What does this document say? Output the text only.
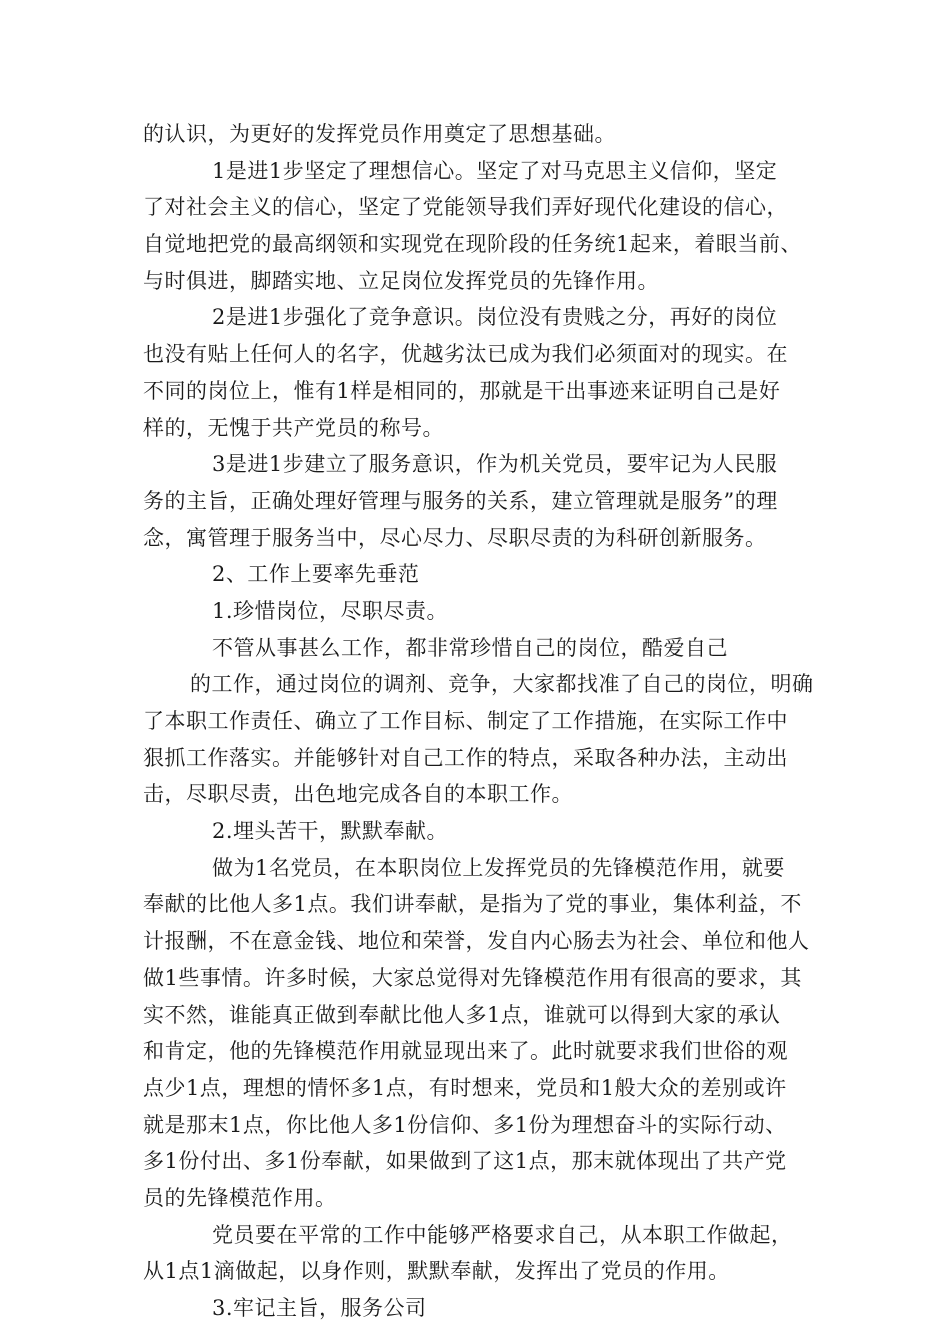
的认识，为更好的发挥党员作用奠定了思想基础。
1是进1步坚定了理想信心。坚定了对马克思主义信仰，坚定
了对社会主义的信心，坚定了党能领导我们弄好现代化建设的信心，
自觉地把党的最高纲领和实现党在现阶段的任务统1起来，着眼当前、
与时俱进，脚踏实地、立足岗位发挥党员的先锋作用。
2是进1步强化了竞争意识。岗位没有贵贱之分，再好的岗位
也没有贴上任何人的名字，优越劣汰已成为我们必须面对的现实。在
不同的岗位上，惟有1样是相同的，那就是干出事迹来证明自己是好
样的，无愧于共产党员的称号。
3是进1步建立了服务意识，作为机关党员，要牢记为人民服
务的主旨，正确处理好管理与服务的关系，建立管理就是服务”的理
念，寓管理于服务当中，尽心尽力、尽职尽责的为科研创新服务。
2、工作上要率先垂范
1.珍惜岗位，尽职尽责。
不管从事甚么工作，都非常珍惜自己的岗位，酷爱自己
的工作，通过岗位的调剂、竞争，大家都找准了自己的岗位，明确
了本职工作责任、确立了工作目标、制定了工作措施，在实际工作中
狠抓工作落实。并能够针对自己工作的特点，采取各种办法，主动出
击，尽职尽责，出色地完成各自的本职工作。
2.埋头苦干，默默奉献。
做为1名党员，在本职岗位上发挥党员的先锋模范作用，就要
奉献的比他人多1点。我们讲奉献，是指为了党的事业，集体利益，不
计报酬，不在意金钱、地位和荣誉，发自内心肠去为社会、单位和他人
做1些事情。许多时候，大家总觉得对先锋模范作用有很高的要求，其
实不然，谁能真正做到奉献比他人多1点，谁就可以得到大家的承认
和肯定，他的先锋模范作用就显现出来了。此时就要求我们世俗的观
点少1点，理想的情怀多1点，有时想来，党员和1般大众的差别或许
就是那末1点，你比他人多1份信仰、多1份为理想奋斗的实际行动、
多1份付出、多1份奉献，如果做到了这1点，那末就体现出了共产党
员的先锋模范作用。
党员要在平常的工作中能够严格要求自己，从本职工作做起，
从1点1滴做起，以身作则，默默奉献，发挥出了党员的作用。
3.牢记主旨，服务公司
